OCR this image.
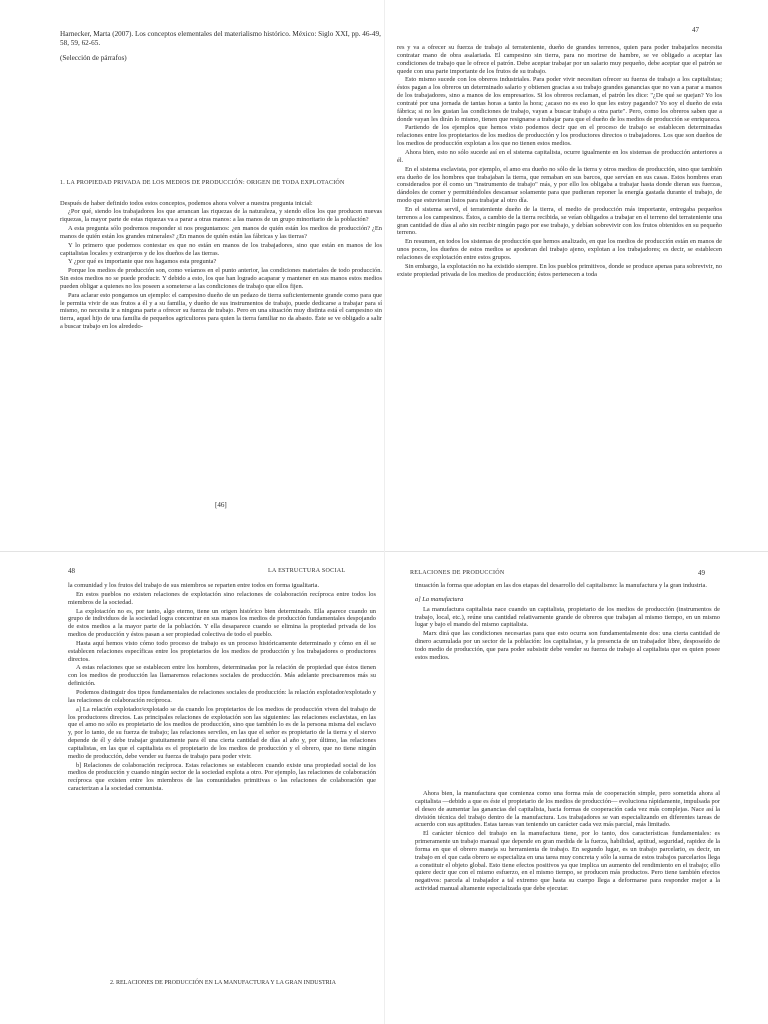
Harnecker, Marta (2007). Los conceptos elementales del materialismo histórico. México: Siglo XXI, pp. 46-49, 58, 59, 62-65.
(Selección de párrafos)
1. LA PROPIEDAD PRIVADA DE LOS MEDIOS DE PRODUCCIÓN: ORIGEN DE TODA EXPLOTACIÓN

Después de haber definido todos estos conceptos, podemos ahora volver a nuestra pregunta inicial:

¿Por qué, siendo los trabajadores los que arrancan las riquezas de la naturaleza, y siendo ellos los que producen nuevas riquezas, la mayor parte de estas riquezas va a parar a otras manos: a las manos de un grupo minoritario de la población?

A esta pregunta sólo podremos responder si nos preguntamos: ¿en manos de quién están los medios de producción? ¿En manos de quién están los grandes minerales? ¿En manos de quién están las fábricas y las tierras?

Y lo primero que podemos contestar es que no están en manos de los trabajadores, sino que están en manos de los capitalistas locales y extranjeros y de los dueños de las tierras.

Y ¿por qué es importante que nos hagamos esta pregunta?

Porque los medios de producción son, como veíamos en el punto anterior, las condiciones materiales de todo producción. Sin estos medios no se puede producir. Y debido a esto, los que han logrado acaparar y mantener en sus manos estos medios pueden obligar a quienes no los poseen a someterse a las condiciones de trabajo que ellos fijen.

Para aclarar esto pongamos un ejemplo: el campesino dueño de un pedazo de tierra suficientemente grande como para que le permita vivir de sus frutos a él y a su familia, y dueño de sus instrumentos de trabajo, puede dedicarse a trabajar para sí mismo, no necesita ir a ninguna parte a ofrecer su fuerza de trabajo. Pero en una situación muy distinta está el campesino sin tierra, aquel hijo de una familia de pequeños agricultores para quien la tierra familiar no da abasto. Éste se ve obligado a salir a buscar trabajo en los alrededo-

[46]
47

res y va a ofrecer su fuerza de trabajo al terrateniente, dueño de grandes terrenos, quien para poder trabajarlos necesita contratar mano de obra asalariada. El campesino sin tierra, para no morirse de hambre, se ve obligado a aceptar las condiciones de trabajo que le ofrece el patrón. Debe aceptar trabajar por un salario muy pequeño, debe aceptar que el patrón se quede con una parte importante de los frutos de su trabajo.

Esto mismo sucede con los obreros industriales. Para poder vivir necesitan ofrecer su fuerza de trabajo a los capitalistas; éstos pagan a los obreros un determinado salario y obtienen gracias a su trabajo grandes ganancias que no van a parar a manos de los trabajadores, sino a manos de los empresarios. Si los obreros reclaman, el patrón les dice: "¿De qué se quejan? Yo los contraté por una jornada de tantas horas a tanto la hora; ¿acaso no es eso lo que les estoy pagando? Yo soy el dueño de esta fábrica; si no les gustan las condiciones de trabajo, vayan a buscar trabajo a otra parte". Pero, como los obreros saben que a donde vayan les dirán lo mismo, tienen que resignarse a trabajar para que el dueño de los medios de producción se enriquezca.

Partiendo de los ejemplos que hemos visto podemos decir que en el proceso de trabajo se establecen determinadas relaciones entre los propietarios de los medios de producción y los productores directos o trabajadores. Los que son dueños de los medios de producción explotan a los que no tienen estos medios.

Ahora bien, esto no sólo sucede así en el sistema capitalista, ocurre igualmente en los sistemas de producción anteriores a él.

En el sistema esclavista, por ejemplo, el amo era dueño no sólo de la tierra y otros medios de producción, sino que también era dueño de los hombres que trabajaban la tierra, que remaban en sus barcos, que servían en sus casas. Estos hombres eran considerados por él como un "instrumento de trabajo" más, y por ello los obligaba a trabajar hasta donde dieran sus fuerzas, dándoles de comer y permitiéndoles descansar solamente para que pudieran reponer la energía gastada durante el trabajo, de modo que estuvieran listos para trabajar al otro día.

En el sistema servil, el terrateniente dueño de la tierra, el medio de producción más importante, entregaba pequeños terrenos a los campesinos. Éstos, a cambio de la tierra recibida, se veían obligados a trabajar en el terreno del terrateniente una gran cantidad de días al año sin recibir ningún pago por ese trabajo, y debían sobrevivir con los frutos obtenidos en su pequeño terreno.

En resumen, en todos los sistemas de producción que hemos analizado, en que los medios de producción están en manos de unos pocos, los dueños de estos medios se apoderan del trabajo ajeno, explotan a los trabajadores; es decir, se establecen relaciones de explotación entre estos grupos.

Sin embargo, la explotación no ha existido siempre. En los pueblos primitivos, donde se produce apenas para sobrevivir, no existe propiedad privada de los medios de producción; éstos pertenecen a toda

48	LA ESTRUCTURA SOCIAL

la comunidad y los frutos del trabajo de sus miembros se reparten entre todos en forma igualitaria.

En estos pueblos no existen relaciones de explotación sino relaciones de colaboración recíproca entre todos los miembros de la sociedad.

La explotación no es, por tanto, algo eterno, tiene un origen histórico bien determinado. Ella aparece cuando un grupo de individuos de la sociedad logra concentrar en sus manos los medios de producción fundamentales despojando de estos medios a la mayor parte de la población. Y ella desaparece cuando se elimina la propiedad privada de los medios de producción y éstos pasan a ser propiedad colectiva de todo el pueblo.

Hasta aquí hemos visto cómo todo proceso de trabajo es un proceso históricamente determinado y cómo en él se establecen relaciones específicas entre los propietarios de los medios de producción y los trabajadores o productores directos.

A estas relaciones que se establecen entre los hombres, determinadas por la relación de propiedad que éstos tienen con los medios de producción las llamaremos relaciones sociales de producción. Más adelante precisaremos más su definición.

Podemos distinguir dos tipos fundamentales de relaciones sociales de producción: la relación explotador/explotado y las relaciones de colaboración recíproca.

a] La relación explotador/explotado se da cuando los propietarios de los medios de producción viven del trabajo de los productores directos. Las principales relaciones de explotación son las siguientes: las relaciones esclavistas, en las que el amo no sólo es propietario de los medios de producción, sino que también lo es de la persona misma del esclavo y, por lo tanto, de su fuerza de trabajo; las relaciones serviles, en las que el señor es propietario de la tierra y el siervo depende de él y debe trabajar gratuitamente para él una cierta cantidad de días al año y, por último, las relaciones capitalistas, en las que el capitalista es el propietario de los medios de producción y el obrero, que no tiene ningún medio de producción, debe vender su fuerza de trabajo para poder vivir.

b] Relaciones de colaboración recíproca. Estas relaciones se establecen cuando existe una propiedad social de los medios de producción y cuando ningún sector de la sociedad explota a otro. Por ejemplo, las relaciones de colaboración recíproca que existen entre los miembros de las comunidades primitivas o las relaciones de colaboración que caracterizan a la sociedad comunista.

2. RELACIONES DE PRODUCCIÓN EN LA MANUFACTURA Y LA GRAN INDUSTRIA
RELACIONES DE PRODUCCIÓN	49

tinuación la forma que adoptan en las dos etapas del desarrollo del capitalismo: la manufactura y la gran industria.

a] La manufactura

La manufactura capitalista nace cuando un capitalista, propietario de los medios de producción (instrumentos de trabajo, local, etc.), reúne una cantidad relativamente grande de obreros que trabajan al mismo tiempo, en un mismo lugar y bajo el mando del mismo capitalista.

Marx dirá que las condiciones necesarias para que esto ocurra son fundamentalmente dos: una cierta cantidad de dinero acumulada por un sector de la población: los capitalistas, y la presencia de un trabajador libre, desposeído de todo medio de producción, que para poder subsistir debe vender su fuerza de trabajo al capitalista que es quien posee estos medios.

Ahora bien, la manufactura que comienza como una forma más de cooperación simple, pero sometida ahora al capitalista —debido a que es éste el propietario de los medios de producción— evoluciona rápidamente, impulsada por el deseo de aumentar las ganancias del capitalista, hacia formas de cooperación cada vez más complejas. Nace así la división técnica del trabajo dentro de la manufactura. Los trabajadores se van especializando en diferentes tareas de acuerdo con sus aptitudes. Estas tareas van teniendo un carácter cada vez más parcial, más limitado.

El carácter técnico del trabajo en la manufactura tiene, por lo tanto, dos características fundamentales: es primeramente un trabajo manual que depende en gran medida de la fuerza, habilidad, aptitud, seguridad, rapidez de la forma en que el obrero maneja su herramienta de trabajo. En segundo lugar, es un trabajo parcelario, es decir, un trabajo en el que cada obrero se especializa en una tarea muy concreta y sólo la suma de estos trabajos parcelarios llega a constituir el objeto global. Esto tiene efectos positivos ya que implica un aumento del rendimiento en el trabajo; ello quiere decir que con el mismo esfuerzo, en el mismo tiempo, se producen más productos. Pero tiene también efectos negativos: parcela al trabajador a tal extremo que hasta su cuerpo llega a deformarse para responder mejor a la actividad manual altamente especializada que debe ejecutar.
